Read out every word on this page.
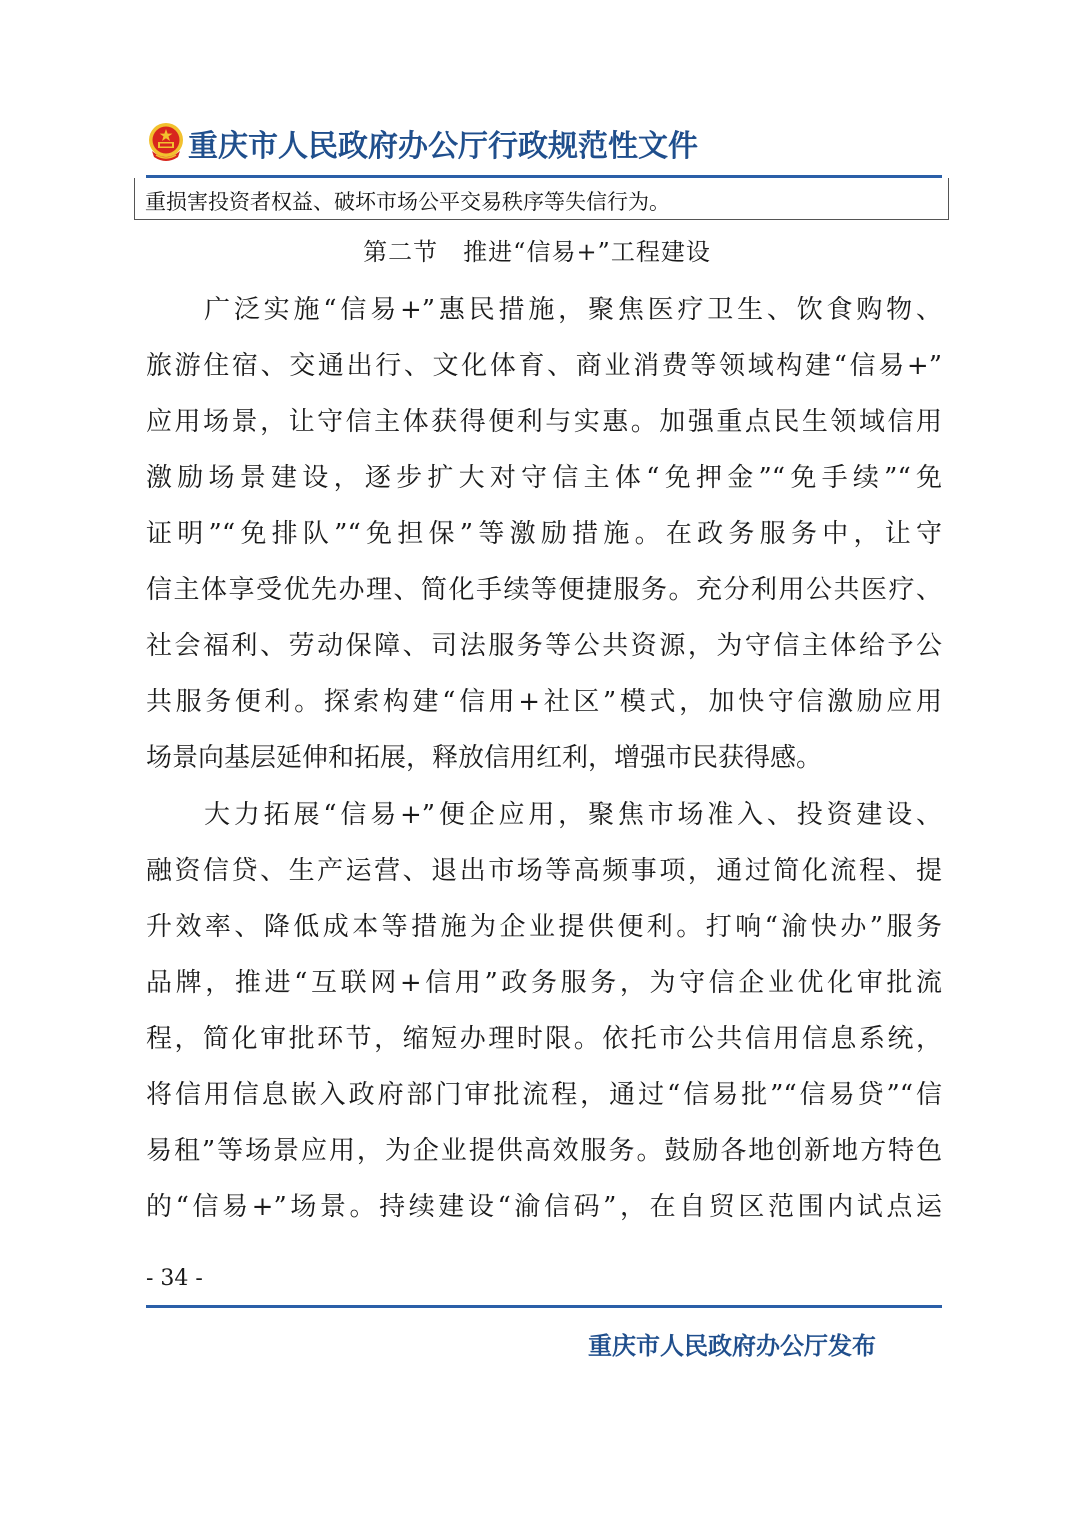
重庆市人民政府办公厅行政规范性文件
重损害投资者权益、破坏市场公平交易秩序等失信行为。
第二节　推进“信易+”工程建设
广泛实施“信易+”惠民措施，聚焦医疗卫生、饮食购物、
旅游住宿、交通出行、文化体育、商业消费等领域构建“信易+”
应用场景，让守信主体获得便利与实惠。加强重点民生领域信用
激励场景建设，逐步扩大对守信主体“免押金”“免手续”“免
证明”“免排队”“免担保”等激励措施。在政务服务中，让守
信主体享受优先办理、简化手续等便捷服务。充分利用公共医疗、
社会福利、劳动保障、司法服务等公共资源，为守信主体给予公
共服务便利。探索构建“信用+社区”模式，加快守信激励应用
场景向基层延伸和拓展，释放信用红利，增强市民获得感。
大力拓展“信易+”便企应用，聚焦市场准入、投资建设、
融资信贷、生产运营、退出市场等高频事项，通过简化流程、提
升效率、降低成本等措施为企业提供便利。打响“渝快办”服务
品牌，推进“互联网+信用”政务服务，为守信企业优化审批流
程，简化审批环节，缩短办理时限。依托市公共信用信息系统，
将信用信息嵌入政府部门审批流程，通过“信易批”“信易贷”“信
易租”等场景应用，为企业提供高效服务。鼓励各地创新地方特色
的“信易+”场景。持续建设“渝信码”，在自贸区范围内试点运
- 34 -
重庆市人民政府办公厅发布
